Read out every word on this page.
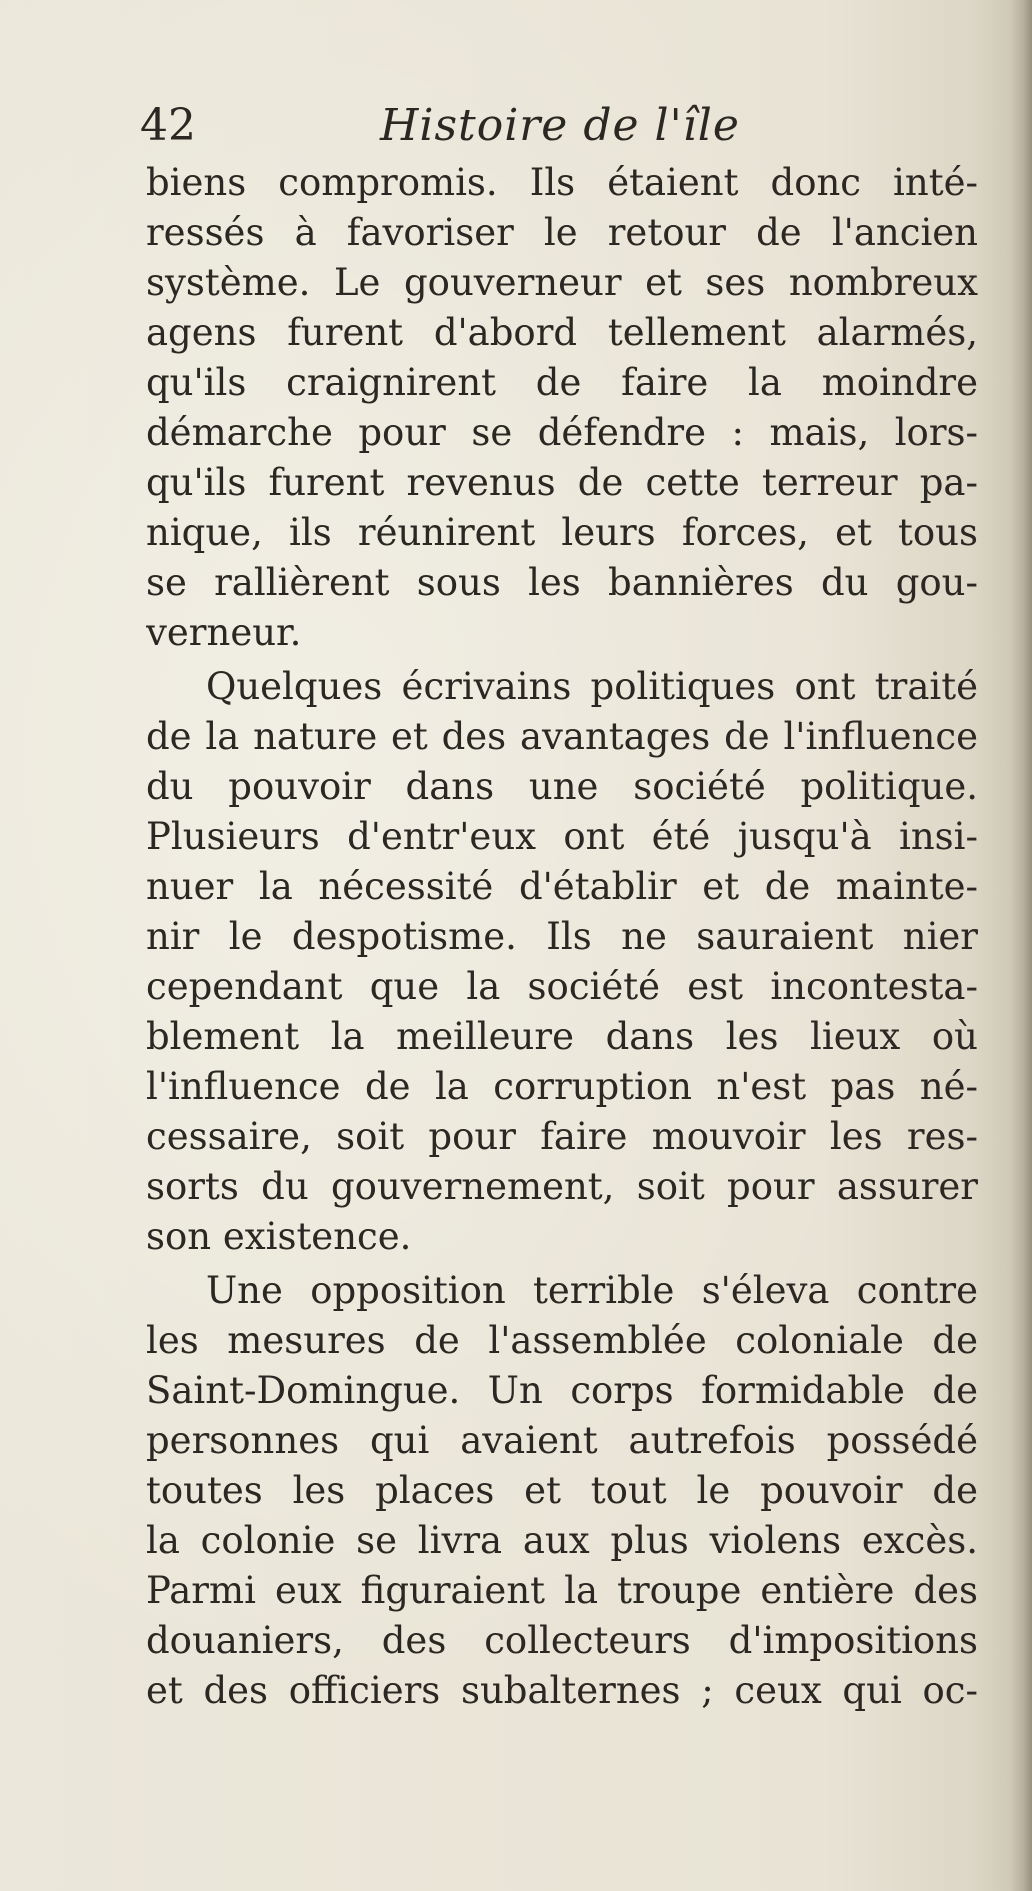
42	Histoire de l'île
biens compromis. Ils étaient donc inté-
ressés à favoriser le retour de l'ancien
système. Le gouverneur et ses nombreux
agens furent d'abord tellement alarmés,
qu'ils craignirent de faire la moindre
démarche pour se défendre : mais, lors-
qu'ils furent revenus de cette terreur pa-
nique, ils réunirent leurs forces, et tous
se rallièrent sous les bannières du gou-
verneur.
Quelques écrivains politiques ont traité
de la nature et des avantages de l'influence
du pouvoir dans une société politique.
Plusieurs d'entr'eux ont été jusqu'à insi-
nuer la nécessité d'établir et de mainte-
nir le despotisme. Ils ne sauraient nier
cependant que la société est incontesta-
blement la meilleure dans les lieux où
l'influence de la corruption n'est pas né-
cessaire, soit pour faire mouvoir les res-
sorts du gouvernement, soit pour assurer
son existence.
Une opposition terrible s'éleva contre
les mesures de l'assemblée coloniale de
Saint-Domingue. Un corps formidable de
personnes qui avaient autrefois possédé
toutes les places et tout le pouvoir de
la colonie se livra aux plus violens excès.
Parmi eux figuraient la troupe entière des
douaniers, des collecteurs d'impositions
et des officiers subalternes ; ceux qui oc-
